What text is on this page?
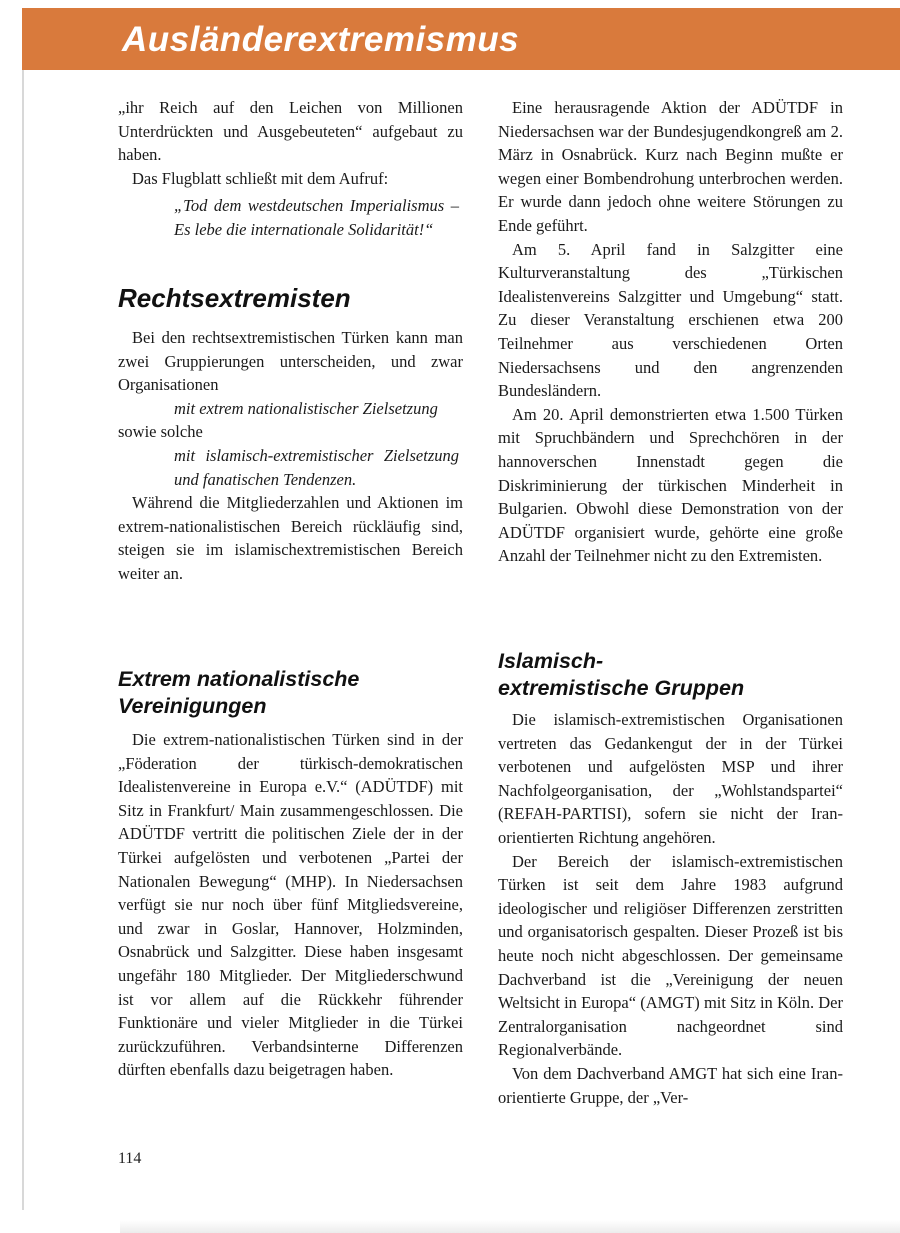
Ausländerextremismus

„ihr Reich auf den Leichen von Millionen Unterdrückten und Ausgebeuteten“ aufgebaut zu haben.

Das Flugblatt schließt mit dem Aufruf:

„Tod dem westdeutschen Imperialismus – Es lebe die internationale Solidarität!“

Rechtsextremisten

Bei den rechtsextremistischen Türken kann man zwei Gruppierungen unterscheiden, und zwar Organisationen

mit extrem nationalistischer Zielsetzung

sowie solche

mit islamisch-extremistischer Zielsetzung und fanatischen Tendenzen.

Während die Mitgliederzahlen und Aktionen im extrem-nationalistischen Bereich rückläufig sind, steigen sie im islamischextremistischen Bereich weiter an.

Extrem nationalistische
Vereinigungen

Die extrem-nationalistischen Türken sind in der „Föderation der türkisch-demokratischen Idealistenvereine in Europa e.V.“ (ADÜTDF) mit Sitz in Frankfurt/ Main zusammengeschlossen. Die ADÜTDF vertritt die politischen Ziele der in der Türkei aufgelösten und verbotenen „Partei der Nationalen Bewegung“ (MHP). In Niedersachsen verfügt sie nur noch über fünf Mitgliedsvereine, und zwar in Goslar, Hannover, Holzminden, Osnabrück und Salzgitter. Diese haben insgesamt ungefähr 180 Mitglieder. Der Mitgliederschwund ist vor allem auf die Rückkehr führender Funktionäre und vieler Mitglieder in die Türkei zurückzuführen. Verbandsinterne Differenzen dürften ebenfalls dazu beigetragen haben.

Eine herausragende Aktion der ADÜTDF in Niedersachsen war der Bundesjugendkongreß am 2. März in Osnabrück. Kurz nach Beginn mußte er wegen einer Bombendrohung unterbrochen werden. Er wurde dann jedoch ohne weitere Störungen zu Ende geführt.

Am 5. April fand in Salzgitter eine Kulturveranstaltung des „Türkischen Idealistenvereins Salzgitter und Umgebung“ statt. Zu dieser Veranstaltung erschienen etwa 200 Teilnehmer aus verschiedenen Orten Niedersachsens und den angrenzenden Bundesländern.

Am 20. April demonstrierten etwa 1.500 Türken mit Spruchbändern und Sprechchören in der hannoverschen Innenstadt gegen die Diskriminierung der türkischen Minderheit in Bulgarien. Obwohl diese Demonstration von der ADÜTDF organisiert wurde, gehörte eine große Anzahl der Teilnehmer nicht zu den Extremisten.

Islamisch-
extremistische Gruppen

Die islamisch-extremistischen Organisationen vertreten das Gedankengut der in der Türkei verbotenen und aufgelösten MSP und ihrer Nachfolgeorganisation, der „Wohlstandspartei“ (REFAH-PARTISI), sofern sie nicht der Iran-orientierten Richtung angehören.

Der Bereich der islamisch-extremistischen Türken ist seit dem Jahre 1983 aufgrund ideologischer und religiöser Differenzen zerstritten und organisatorisch gespalten. Dieser Prozeß ist bis heute noch nicht abgeschlossen. Der gemeinsame Dachverband ist die „Vereinigung der neuen Weltsicht in Europa“ (AMGT) mit Sitz in Köln. Der Zentralorganisation nachgeordnet sind Regionalverbände.

Von dem Dachverband AMGT hat sich eine Iran-orientierte Gruppe, der „Ver-

114
